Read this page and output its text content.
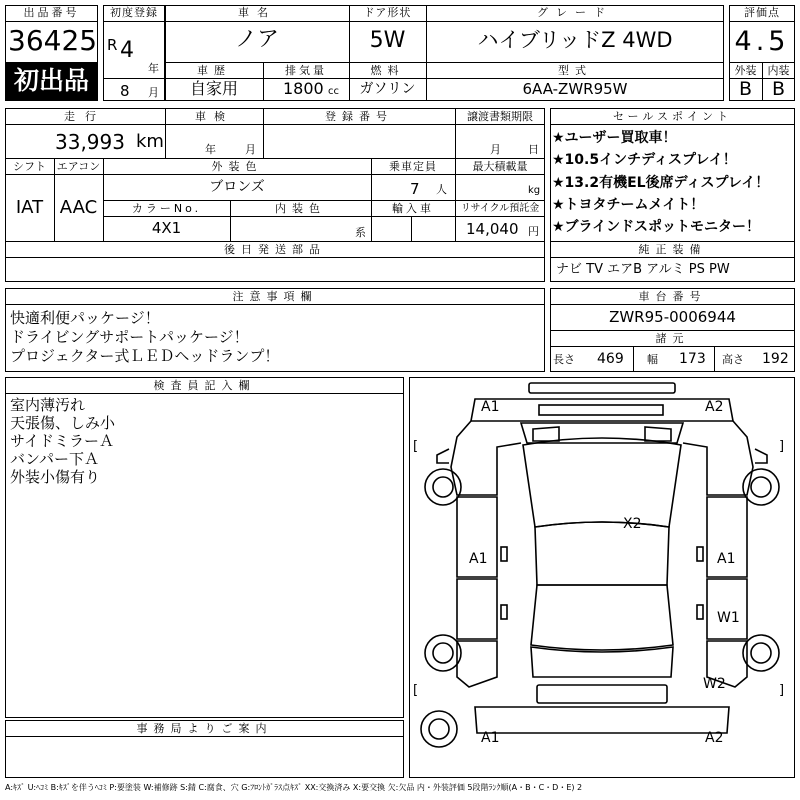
出品番号
36425
初出品
初度登録
R 4
年
8 月
車名
ノア
ドア形状
5W
グレード
ハイブリッドZ 4WD
車歴
自家用
排気量
1800 cc
燃料
ガソリン
型式
6AA-ZWR95W
評価点
4.5
外装	内装
B	B
走行
33,993 km
車検
年	月
登録番号	譲渡書類期限
月 日
シフト
IAT
エアコン
AAC
外装色
ブロンズ
乗車定員
7 人
最大積載量
kg
カラーNo.
4X1
内装色
系
輸入車	リサイクル預託金
14,040 円
後日発送部品
セールスポイント
★ユーザー買取車！
★10.5インチディスプレイ！
★13.2有機EL後席ディスプレイ！
★トヨタチームメイト！
★ブラインドスポットモニター！
純正装備
ナビ TV エアB アルミ PS PW
注意事項欄
快適利便パッケージ！
ドライビングサポートパッケージ！
プロジェクター式ＬＥＤヘッドランプ！
車台番号
ZWR95-0006944
諸元
長さ 469 幅 173 高さ 192
検査員記入欄
室内薄汚れ
天張傷、しみ小
サイドミラーＡ
バンパー下Ａ
外装小傷有り
事務局よりご案内
A1	A2
X2
A1	A1
W1
W2
A1	A2
[	]
[	]
A:ｷｽﾞ U:ﾍｺﾐ B:ｷｽﾞを伴うﾍｺﾐ P:要塗装 W:補修跡 S:錆 C:腐食、穴 G:ﾌﾛﾝﾄｶﾞﾗｽ点ｷｽﾞ XX:交換済み X:要交換 欠:欠品 内・外装評価 5段階ﾗﾝｸ順(A・B・C・D・E) 2
